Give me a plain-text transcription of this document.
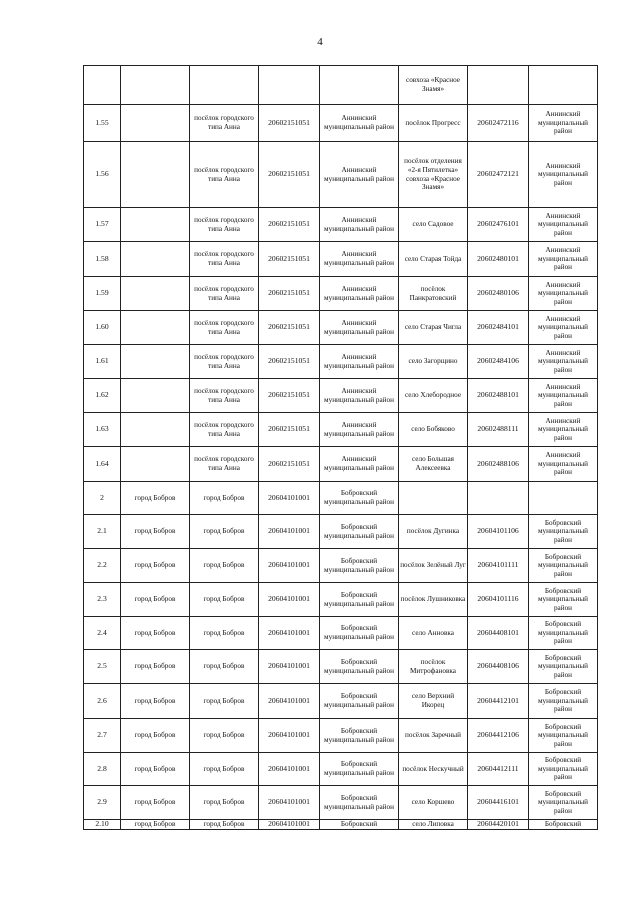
4
					совхоза «Красное Знамя»		
1.55		посёлок городского типа Анна	20602151051	Аннинский муниципальный район	посёлок Прогресс	20602472116	Аннинский муниципальный район
1.56		посёлок городского типа Анна	20602151051	Аннинский муниципальный район	посёлок отделения «2-я Пятилетка» совхоза «Красное Знамя»	20602472121	Аннинский муниципальный район
1.57		посёлок городского типа Анна	20602151051	Аннинский муниципальный район	село Садовое	20602476101	Аннинский муниципальный район
1.58		посёлок городского типа Анна	20602151051	Аннинский муниципальный район	село Старая Тойда	20602480101	Аннинский муниципальный район
1.59		посёлок городского типа Анна	20602151051	Аннинский муниципальный район	посёлок Панкратовский	20602480106	Аннинский муниципальный район
1.60		посёлок городского типа Анна	20602151051	Аннинский муниципальный район	село Старая Чигла	20602484101	Аннинский муниципальный район
1.61		посёлок городского типа Анна	20602151051	Аннинский муниципальный район	село Загорщино	20602484106	Аннинский муниципальный район
1.62		посёлок городского типа Анна	20602151051	Аннинский муниципальный район	село Хлебородное	20602488101	Аннинский муниципальный район
1.63		посёлок городского типа Анна	20602151051	Аннинский муниципальный район	село Бобяково	20602488111	Аннинский муниципальный район
1.64		посёлок городского типа Анна	20602151051	Аннинский муниципальный район	село Большая Алексеевка	20602488106	Аннинский муниципальный район
2	город Бобров	город Бобров	20604101001	Бобровский муниципальный район			
2.1	город Бобров	город Бобров	20604101001	Бобровский муниципальный район	посёлок Дугинка	20604101106	Бобровский муниципальный район
2.2	город Бобров	город Бобров	20604101001	Бобровский муниципальный район	посёлок Зелёный Луг	20604101111	Бобровский муниципальный район
2.3	город Бобров	город Бобров	20604101001	Бобровский муниципальный район	посёлок Лушниковка	20604101116	Бобровский муниципальный район
2.4	город Бобров	город Бобров	20604101001	Бобровский муниципальный район	село Анновка	20604408101	Бобровский муниципальный район
2.5	город Бобров	город Бобров	20604101001	Бобровский муниципальный район	посёлок Митрофановка	20604408106	Бобровский муниципальный район
2.6	город Бобров	город Бобров	20604101001	Бобровский муниципальный район	село Верхний Икорец	20604412101	Бобровский муниципальный район
2.7	город Бобров	город Бобров	20604101001	Бобровский муниципальный район	посёлок Заречный	20604412106	Бобровский муниципальный район
2.8	город Бобров	город Бобров	20604101001	Бобровский муниципальный район	посёлок Нескучный	20604412111	Бобровский муниципальный район
2.9	город Бобров	город Бобров	20604101001	Бобровский муниципальный район	село Коршево	20604416101	Бобровский муниципальный район
2.10	город Бобров	город Бобров	20604101001	Бобровский	село Липовка	20604420101	Бобровский
